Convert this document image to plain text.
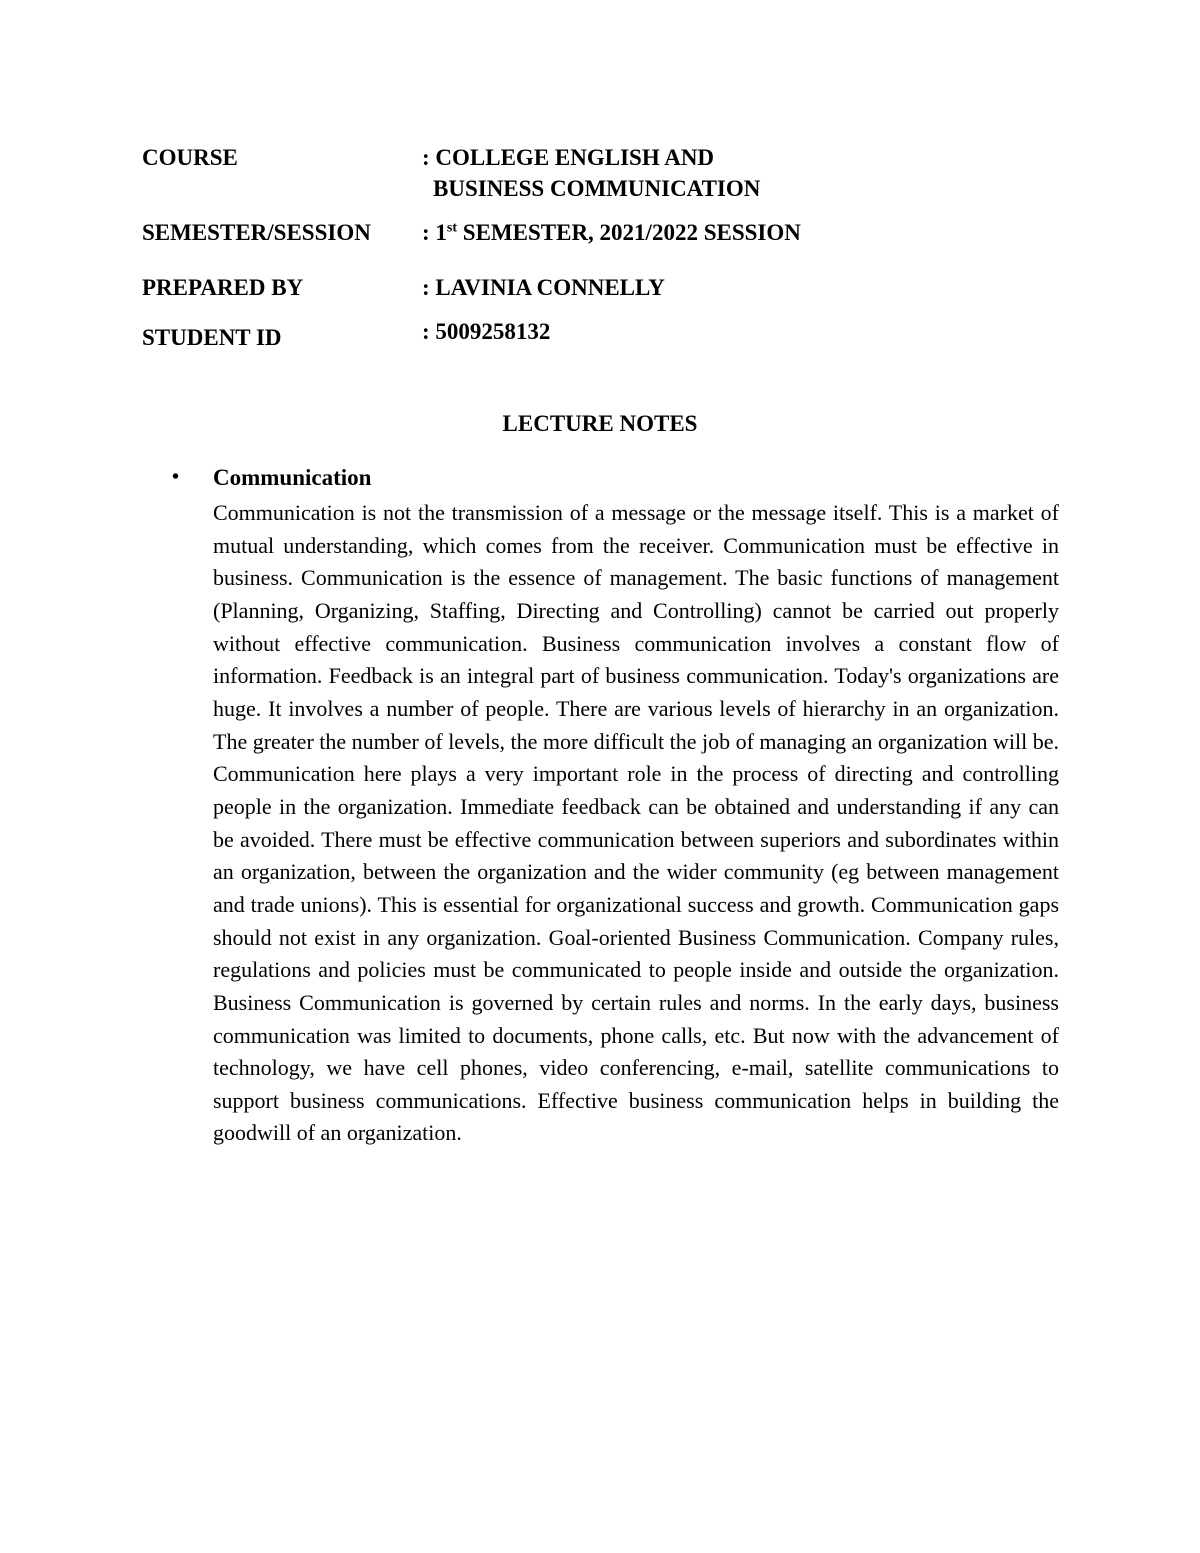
COURSE	: COLLEGE ENGLISH AND
BUSINESS COMMUNICATION
SEMESTER/SESSION	: 1st SEMESTER, 2021/2022 SESSION
PREPARED BY	: LAVINIA CONNELLY
STUDENT ID	: 5009258132
LECTURE NOTES
•	Communication

Communication is not the transmission of a message or the message itself. This is a market of mutual understanding, which comes from the receiver. Communication must be effective in business. Communication is the essence of management. The basic functions of management (Planning, Organizing, Staffing, Directing and Controlling) cannot be carried out properly without effective communication. Business communication involves a constant flow of information. Feedback is an integral part of business communication. Today's organizations are huge. It involves a number of people. There are various levels of hierarchy in an organization. The greater the number of levels, the more difficult the job of managing an organization will be. Communication here plays a very important role in the process of directing and controlling people in the organization. Immediate feedback can be obtained and understanding if any can be avoided. There must be effective communication between superiors and subordinates within an organization, between the organization and the wider community (eg between management and trade unions). This is essential for organizational success and growth. Communication gaps should not exist in any organization. Goal-oriented Business Communication. Company rules, regulations and policies must be communicated to people inside and outside the organization. Business Communication is governed by certain rules and norms. In the early days, business communication was limited to documents, phone calls, etc. But now with the advancement of technology, we have cell phones, video conferencing, e-mail, satellite communications to support business communications. Effective business communication helps in building the goodwill of an organization.
